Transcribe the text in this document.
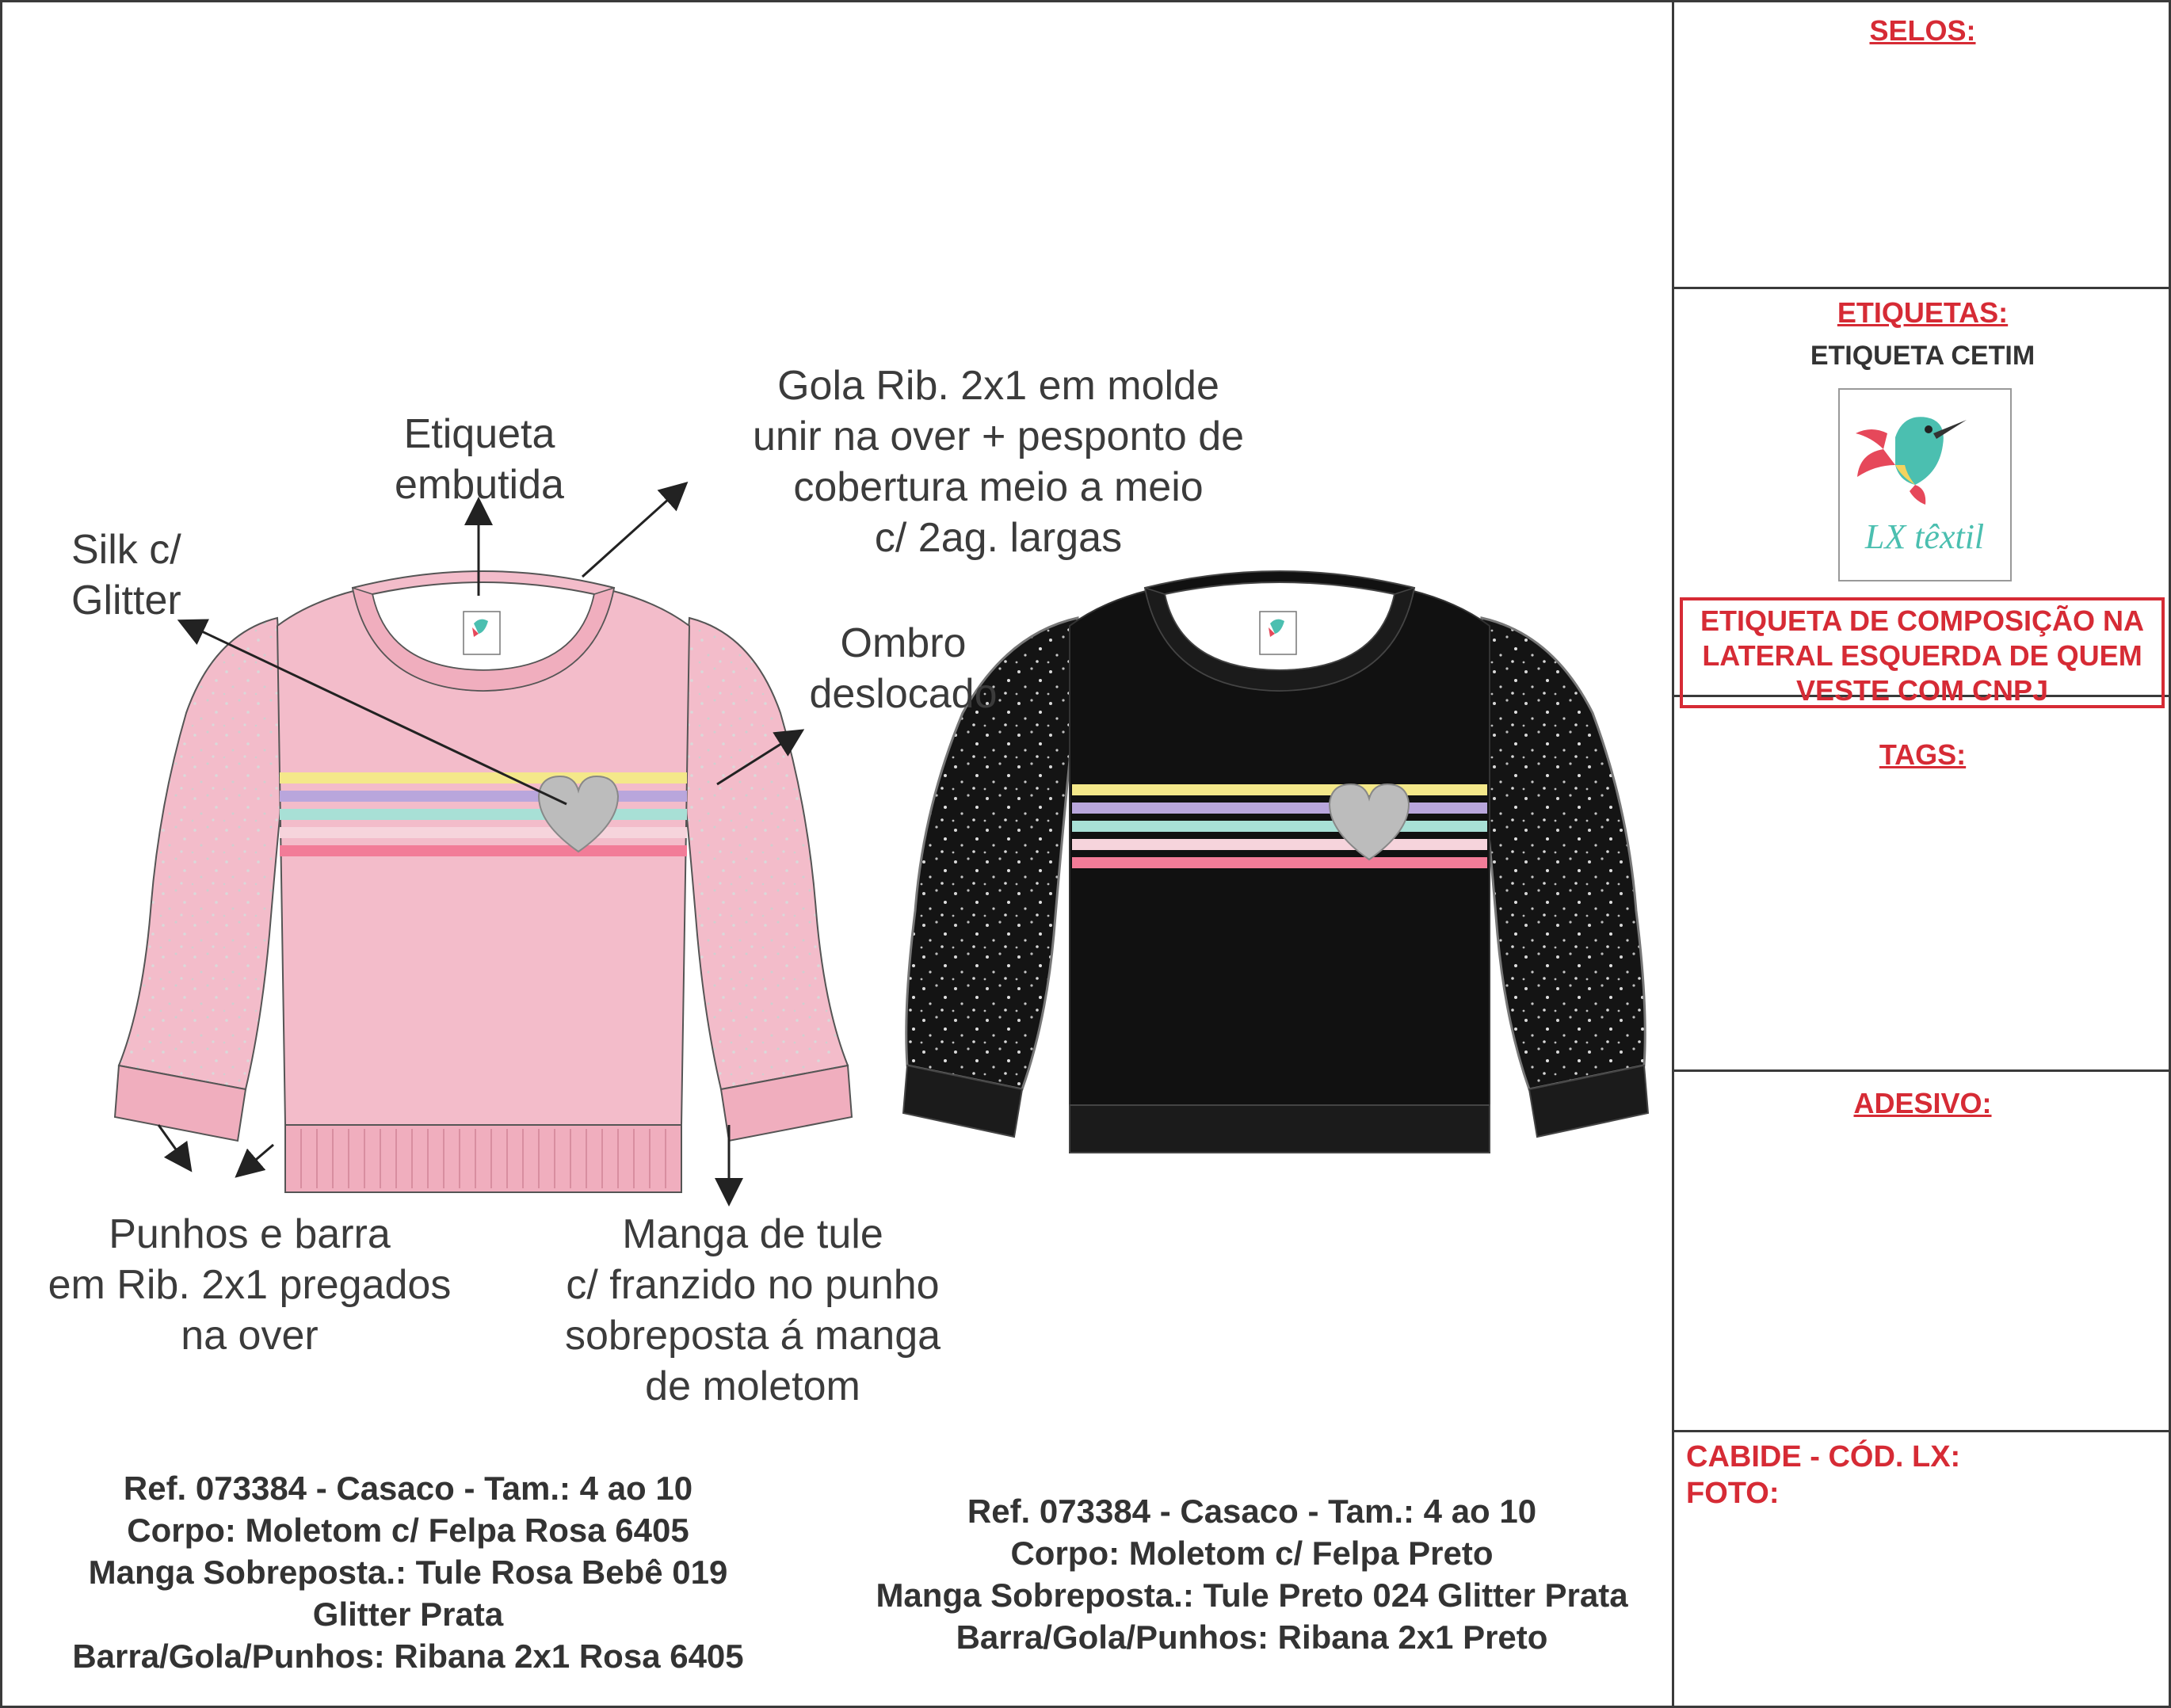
SELOS:
ETIQUETAS:
ETIQUETA CETIM
LX têxtil
ETIQUETA DE COMPOSIÇÃO NA
LATERAL ESQUERDA DE QUEM
VESTE COM CNPJ
TAGS:
ADESIVO:
CABIDE - CÓD. LX:
FOTO:
Etiqueta
embutida
Gola Rib. 2x1 em molde
unir na over + pesponto de
cobertura meio a meio
c/ 2ag. largas
Silk c/
Glitter
Ombro
deslocado
Punhos e barra
em Rib. 2x1 pregados
na over
Manga de tule
c/ franzido no punho
sobreposta á manga
de moletom
Ref. 073384 - Casaco - Tam.: 4 ao 10
Corpo: Moletom c/ Felpa Rosa 6405
Manga Sobreposta.: Tule Rosa Bebê 019
Glitter Prata
Barra/Gola/Punhos: Ribana 2x1 Rosa 6405
Ref. 073384 - Casaco - Tam.: 4 ao 10
Corpo: Moletom c/ Felpa Preto
Manga Sobreposta.: Tule Preto 024 Glitter Prata
Barra/Gola/Punhos: Ribana 2x1 Preto
